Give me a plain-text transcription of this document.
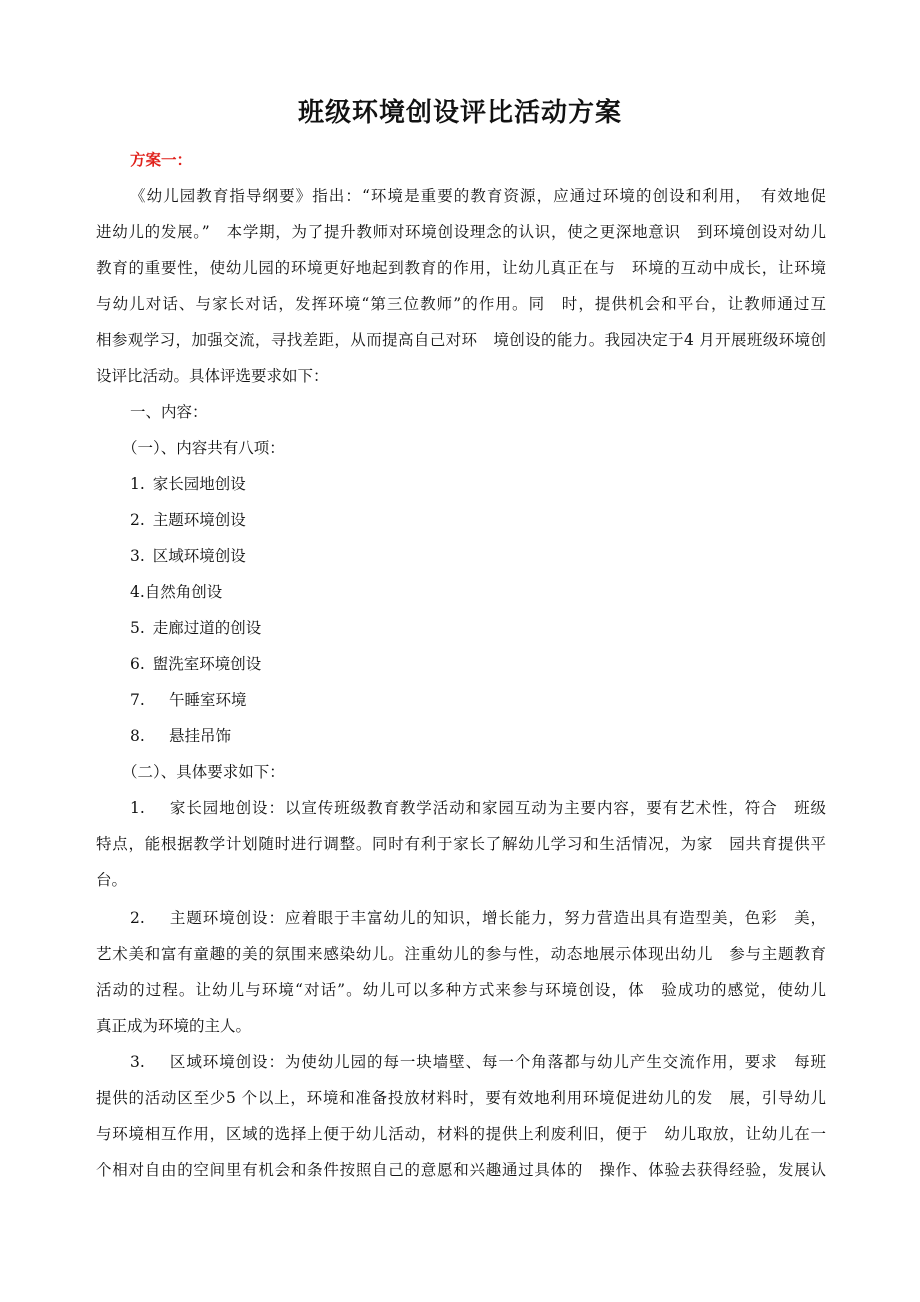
班级环境创设评比活动方案
方案一：
《幼儿园教育指导纲要》指出：“环境是重要的教育资源，应通过环境的创设和利用，　有效地促
进幼儿的发展。”　本学期，为了提升教师对环境创设理念的认识，使之更深地意识　到环境创设对幼儿
教育的重要性，使幼儿园的环境更好地起到教育的作用，让幼儿真正在与　环境的互动中成长，让环境
与幼儿对话、与家长对话，发挥环境“第三位教师”的作用。同　时，提供机会和平台，让教师通过互
相参观学习，加强交流，寻找差距，从而提高自己对环　境创设的能力。我园决定于4 月开展班级环境创
设评比活动。具体评选要求如下：
一、内容：
（一）、内容共有八项：
1. 家长园地创设
2. 主题环境创设
3. 区域环境创设
4.自然角创设
5. 走廊过道的创设
6. 盥洗室环境创设
7. 午睡室环境
8. 悬挂吊饰
（二）、具体要求如下：
1. 家长园地创设：以宣传班级教育教学活动和家园互动为主要内容，要有艺术性，符合　班级
特点，能根据教学计划随时进行调整。同时有利于家长了解幼儿学习和生活情况，为家　园共育提供平
台。
2. 主题环境创设：应着眼于丰富幼儿的知识，增长能力，努力营造出具有造型美，色彩　美，
艺术美和富有童趣的美的氛围来感染幼儿。注重幼儿的参与性，动态地展示体现出幼儿　参与主题教育
活动的过程。让幼儿与环境“对话”。幼儿可以多种方式来参与环境创设，体　验成功的感觉，使幼儿
真正成为环境的主人。
3. 区域环境创设：为使幼儿园的每一块墙壁、每一个角落都与幼儿产生交流作用，要求　每班
提供的活动区至少5 个以上，环境和准备投放材料时，要有效地利用环境促进幼儿的发　展，引导幼儿
与环境相互作用，区域的选择上便于幼儿活动，材料的提供上利废利旧，便于　幼儿取放，让幼儿在一
个相对自由的空间里有机会和条件按照自己的意愿和兴趣通过具体的　操作、体验去获得经验，发展认
